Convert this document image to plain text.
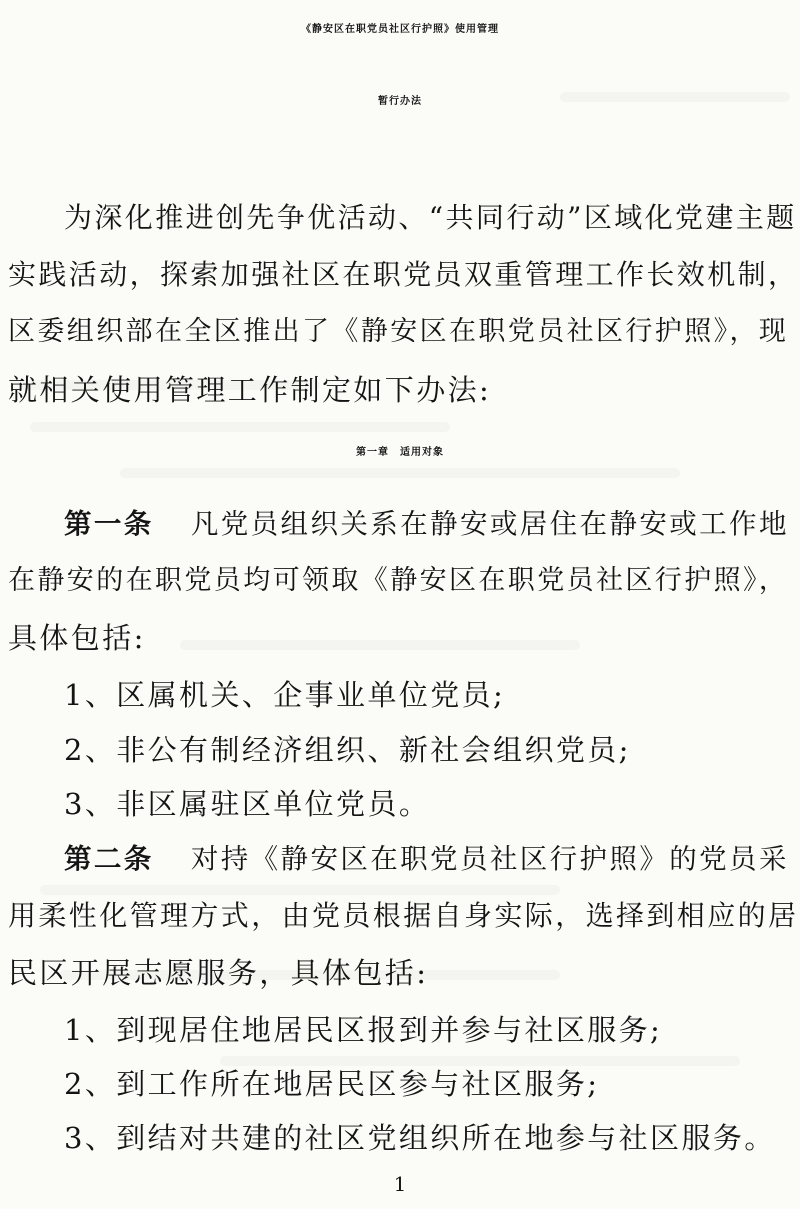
《静安区在职党员社区行护照》使用管理
暂行办法
为深化推进创先争优活动、“共同行动”区域化党建主题
实践活动，探索加强社区在职党员双重管理工作长效机制，
区委组织部在全区推出了《静安区在职党员社区行护照》，现
就相关使用管理工作制定如下办法:
第一章　适用对象
第一条 凡党员组织关系在静安或居住在静安或工作地
在静安的在职党员均可领取《静安区在职党员社区行护照》，
具体包括:
1、区属机关、企事业单位党员;
2、非公有制经济组织、新社会组织党员;
3、非区属驻区单位党员。
第二条 对持《静安区在职党员社区行护照》的党员采
用柔性化管理方式，由党员根据自身实际，选择到相应的居
民区开展志愿服务，具体包括:
1、到现居住地居民区报到并参与社区服务;
2、到工作所在地居民区参与社区服务;
3、到结对共建的社区党组织所在地参与社区服务。
1
